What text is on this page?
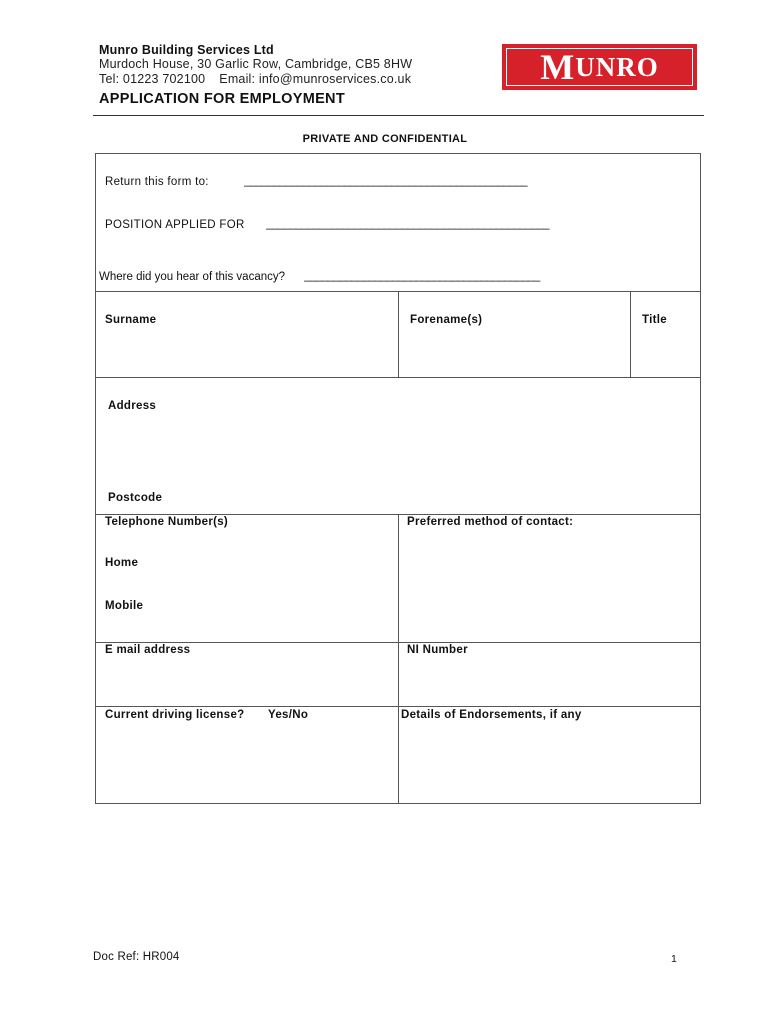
Munro Building Services Ltd
Murdoch House, 30 Garlic Row, Cambridge, CB5 8HW
Tel: 01223 702100 Email: info@munroservices.co.uk	M UNRO
APPLICATION FOR EMPLOYMENT
PRIVATE AND CONFIDENTIAL
Return this form to:	________________________________________________
POSITION APPLIED FOR ________________________________________________
Where did you hear of this vacancy? ________________________________________
Surname	Forename(s)	Title
Address
Postcode
Telephone Number(s)	Preferred method of contact:
Home
Mobile
E mail address	NI Number
Current driving license? Yes/No	Details of Endorsements, if any
Doc Ref: HR004	1
